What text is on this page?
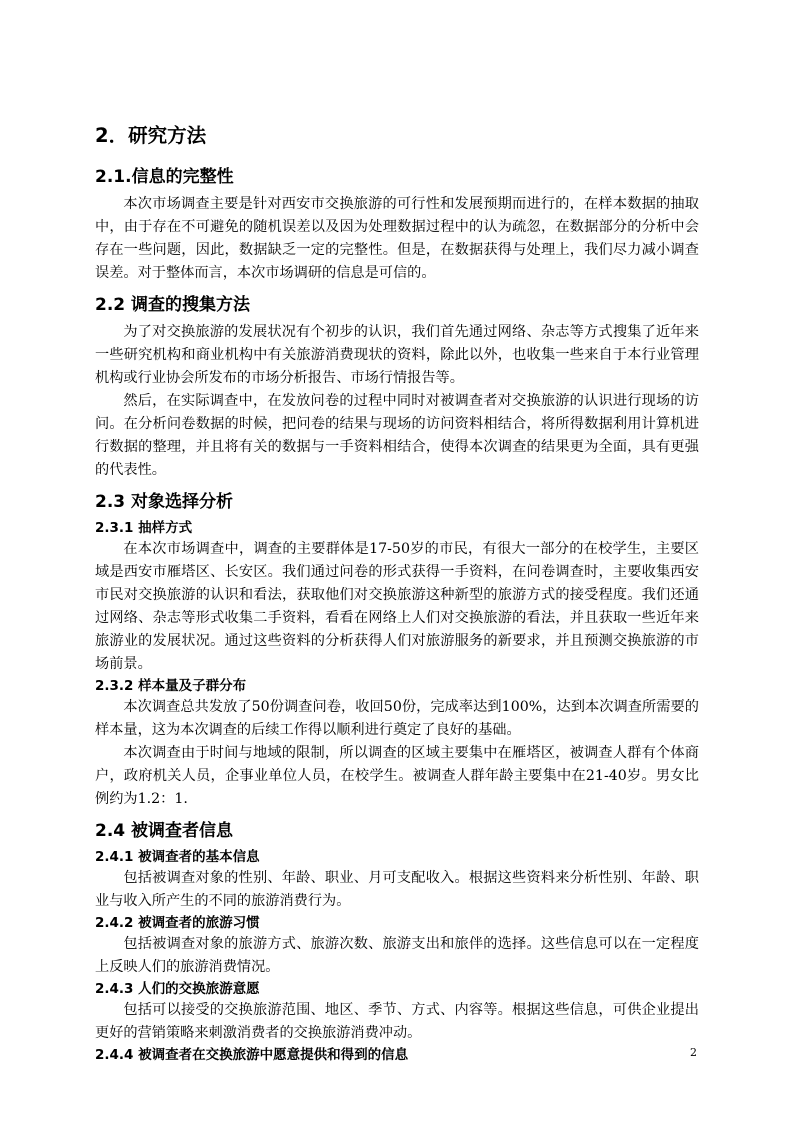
2．研究方法
2.1.信息的完整性

本次市场调查主要是针对西安市交换旅游的可行性和发展预期而进行的，在样本数据的抽取中，由于存在不可避免的随机误差以及因为处理数据过程中的认为疏忽，在数据部分的分析中会存在一些问题，因此，数据缺乏一定的完整性。但是，在数据获得与处理上，我们尽力减小调查误差。对于整体而言，本次市场调研的信息是可信的。

2.2 调查的搜集方法

为了对交换旅游的发展状况有个初步的认识，我们首先通过网络、杂志等方式搜集了近年来一些研究机构和商业机构中有关旅游消费现状的资料，除此以外，也收集一些来自于本行业管理机构或行业协会所发布的市场分析报告、市场行情报告等。

然后，在实际调查中，在发放问卷的过程中同时对被调查者对交换旅游的认识进行现场的访问。在分析问卷数据的时候，把问卷的结果与现场的访问资料相结合，将所得数据利用计算机进行数据的整理，并且将有关的数据与一手资料相结合，使得本次调查的结果更为全面，具有更强的代表性。

2.3 对象选择分析
2.3.1 抽样方式

在本次市场调查中，调查的主要群体是17-50岁的市民，有很大一部分的在校学生，主要区域是西安市雁塔区、长安区。我们通过问卷的形式获得一手资料，在问卷调查时，主要收集西安市民对交换旅游的认识和看法，获取他们对交换旅游这种新型的旅游方式的接受程度。我们还通过网络、杂志等形式收集二手资料，看看在网络上人们对交换旅游的看法，并且获取一些近年来旅游业的发展状况。通过这些资料的分析获得人们对旅游服务的新要求，并且预测交换旅游的市场前景。

2.3.2 样本量及子群分布

本次调查总共发放了50份调查问卷，收回50份，完成率达到100%，达到本次调查所需要的样本量，这为本次调查的后续工作得以顺利进行奠定了良好的基础。

本次调查由于时间与地域的限制，所以调查的区域主要集中在雁塔区，被调查人群有个体商户，政府机关人员，企事业单位人员，在校学生。被调查人群年龄主要集中在21-40岁。男女比例约为1.2：1.

2.4 被调查者信息
2.4.1 被调查者的基本信息

包括被调查对象的性别、年龄、职业、月可支配收入。根据这些资料来分析性别、年龄、职业与收入所产生的不同的旅游消费行为。

2.4.2 被调查者的旅游习惯

包括被调查对象的旅游方式、旅游次数、旅游支出和旅伴的选择。这些信息可以在一定程度上反映人们的旅游消费情况。

2.4.3 人们的交换旅游意愿

包括可以接受的交换旅游范围、地区、季节、方式、内容等。根据这些信息，可供企业提出更好的营销策略来刺激消费者的交换旅游消费冲动。

2.4.4 被调查者在交换旅游中愿意提供和得到的信息	2
